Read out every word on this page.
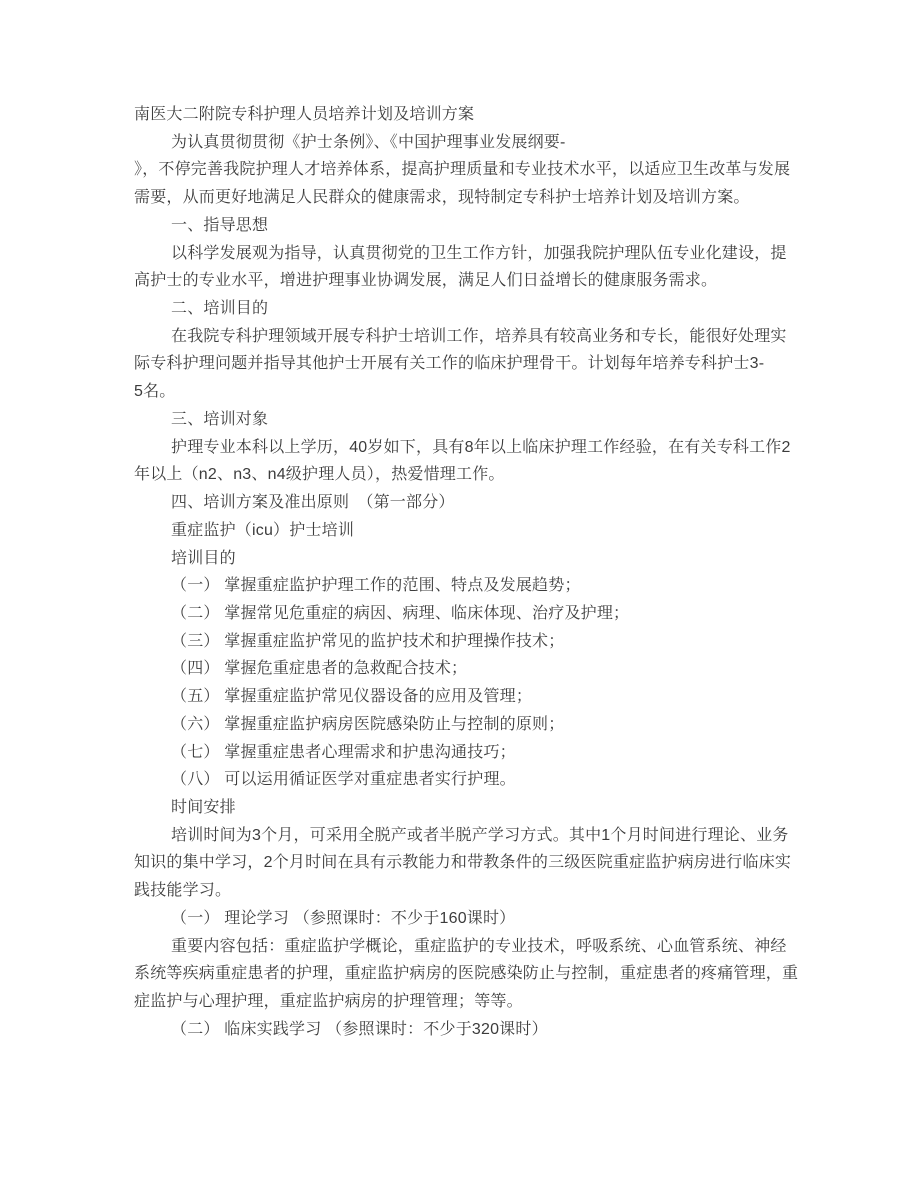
南医大二附院专科护理人员培养计划及培训方案
为认真贯彻贯彻《护士条例》、《中国护理事业发展纲要-
》，不停完善我院护理人才培养体系，提高护理质量和专业技术水平，以适应卫生改革与发展
需要，从而更好地满足人民群众的健康需求，现特制定专科护士培养计划及培训方案。
一、指导思想
以科学发展观为指导，认真贯彻党的卫生工作方针，加强我院护理队伍专业化建设，提
高护士的专业水平，增进护理事业协调发展，满足人们日益增长的健康服务需求。
二、培训目的
在我院专科护理领域开展专科护士培训工作，培养具有较高业务和专长，能很好处理实
际专科护理问题并指导其他护士开展有关工作的临床护理骨干。计划每年培养专科护士3-
5名。
三、培训对象
护理专业本科以上学历，40岁如下，具有8年以上临床护理工作经验，在有关专科工作2
年以上（n2、n3、n4级护理人员），热爱惜理工作。
四、培训方案及准出原则　（第一部分）
重症监护（icu）护士培训
培训目的
（一） 掌握重症监护护理工作的范围、特点及发展趋势；
（二） 掌握常见危重症的病因、病理、临床体现、治疗及护理；
（三） 掌握重症监护常见的监护技术和护理操作技术；
（四） 掌握危重症患者的急救配合技术；
（五） 掌握重症监护常见仪器设备的应用及管理；
（六） 掌握重症监护病房医院感染防止与控制的原则；
（七） 掌握重症患者心理需求和护患沟通技巧；
（八） 可以运用循证医学对重症患者实行护理。
时间安排
培训时间为3个月，可采用全脱产或者半脱产学习方式。其中1个月时间进行理论、业务
知识的集中学习，2个月时间在具有示教能力和带教条件的三级医院重症监护病房进行临床实
践技能学习。
（一） 理论学习 （参照课时：不少于160课时）
重要内容包括：重症监护学概论，重症监护的专业技术，呼吸系统、心血管系统、神经
系统等疾病重症患者的护理，重症监护病房的医院感染防止与控制，重症患者的疼痛管理，重
症监护与心理护理，重症监护病房的护理管理；等等。
（二） 临床实践学习 （参照课时：不少于320课时）
